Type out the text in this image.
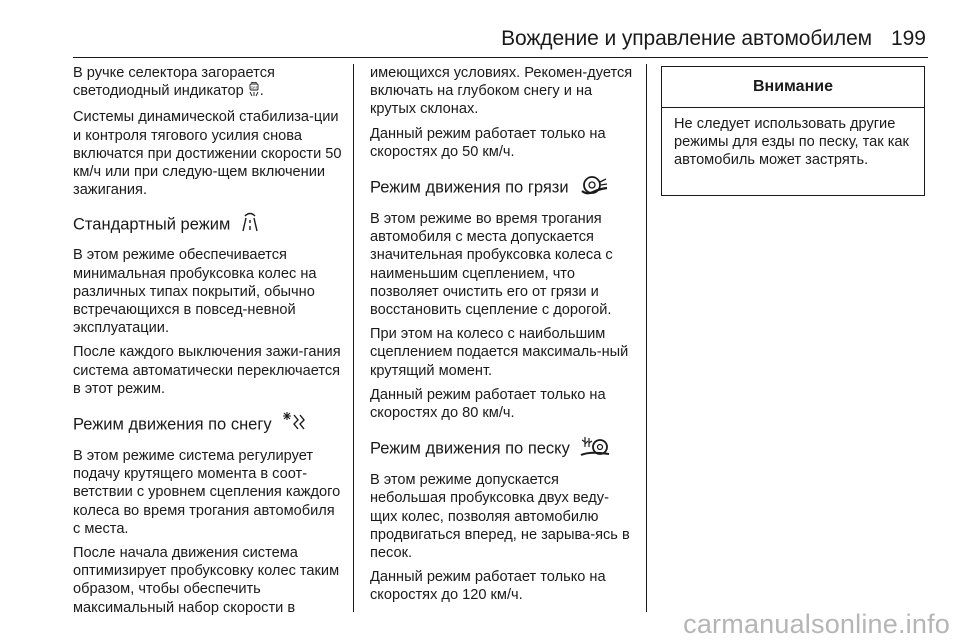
Вождение и управление автомобилем 199

В ручке селектора загорается светодиодный индикатор OFF .

Системы динамической стабилиза-ции и контроля тягового усилия снова включатся при достижении скорости 50 км/ч или при следую-щем включении зажигания.

Стандартный режим

В этом режиме обеспечивается минимальная пробуксовка колес на различных типах покрытий, обычно встречающихся в повсед-невной эксплуатации.

После каждого выключения зажи-гания система автоматически переключается в этот режим.

Режим движения по снегу

В этом режиме система регулирует подачу крутящего момента в соот-ветствии с уровнем сцепления каждого колеса во время трогания автомобиля с места.

После начала движения система оптимизирует пробуксовку колес таким образом, чтобы обеспечить максимальный набор скорости в

имеющихся условиях. Рекомен-дуется включать на глубоком снегу и на крутых склонах.

Данный режим работает только на скоростях до 50 км/ч.

Режим движения по грязи

В этом режиме во время трогания автомобиля с места допускается значительная пробуксовка колеса с наименьшим сцеплением, что позволяет очистить его от грязи и восстановить сцепление с дорогой.

При этом на колесо с наибольшим сцеплением подается максималь-ный крутящий момент.

Данный режим работает только на скоростях до 80 км/ч.

Режим движения по песку

В этом режиме допускается небольшая пробуксовка двух веду-щих колес, позволяя автомобилю продвигаться вперед, не зарыва-ясь в песок.

Данный режим работает только на скоростях до 120 км/ч.

Внимание
Не следует использовать другие режимы для езды по песку, так как автомобиль может застрять.
carmanualsonline.info
